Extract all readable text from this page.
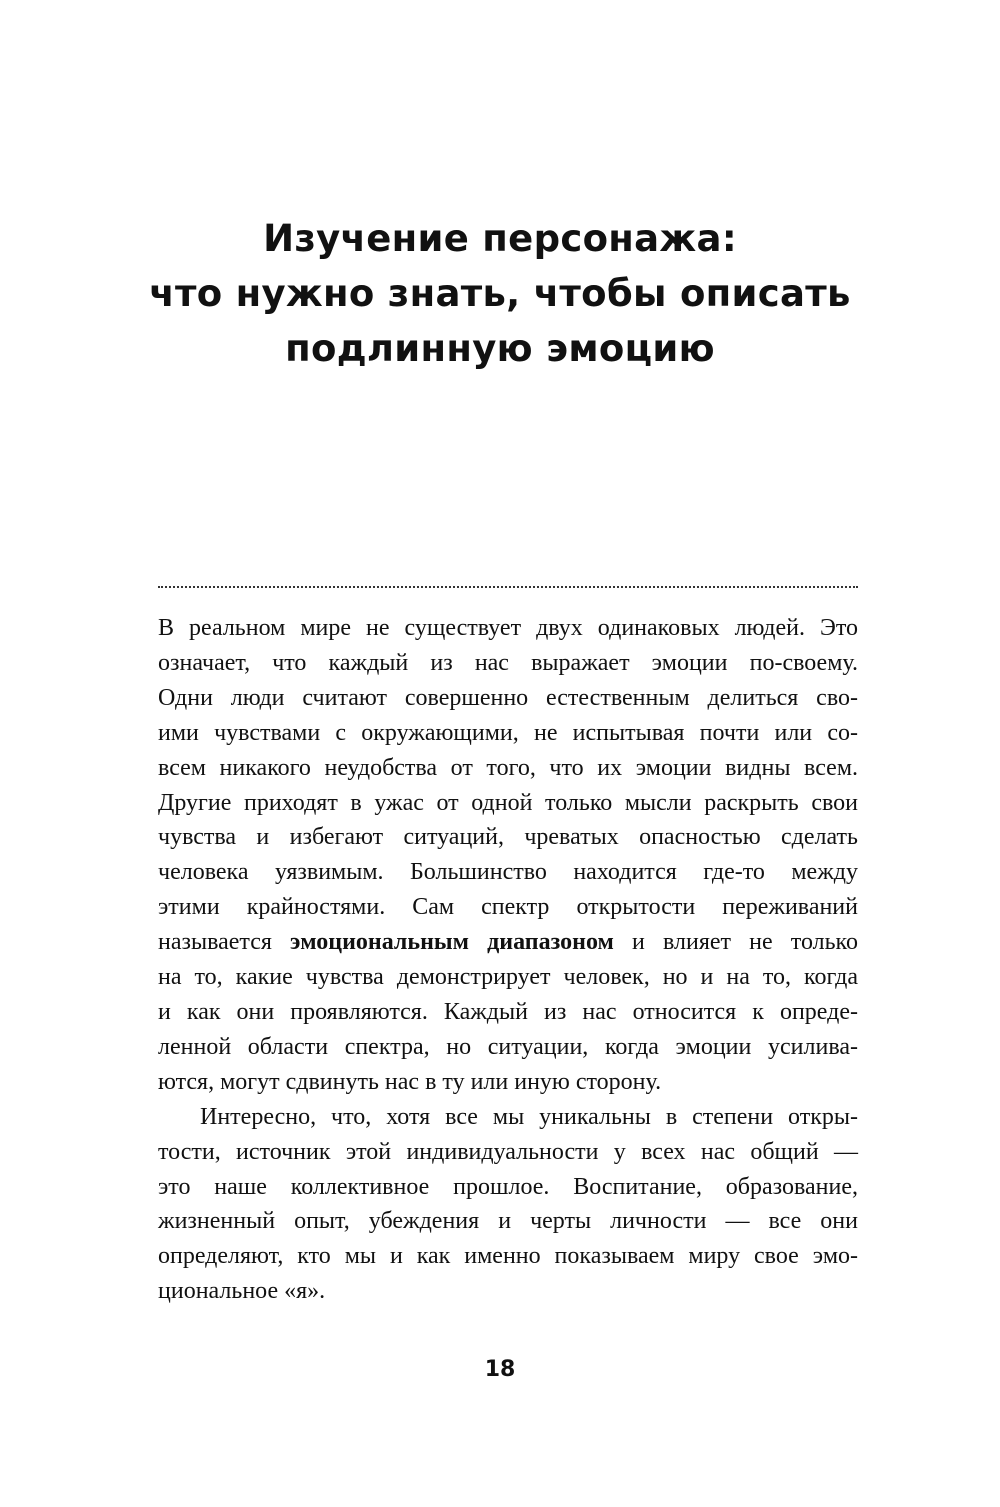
Изучение персонажа:
что нужно знать, чтобы описать
подлинную эмоцию

В реальном мире не существует двух одинаковых людей. Это
означает, что каждый из нас выражает эмоции по-своему.
Одни люди считают совершенно естественным делиться сво-
ими чувствами с окружающими, не испытывая почти или со-
всем никакого неудобства от того, что их эмоции видны всем.
Другие приходят в ужас от одной только мысли раскрыть свои
чувства и избегают ситуаций, чреватых опасностью сделать
человека уязвимым. Большинство находится где-то между
этими крайностями. Сам спектр открытости переживаний
называется эмоциональным диапазоном и влияет не только
на то, какие чувства демонстрирует человек, но и на то, когда
и как они проявляются. Каждый из нас относится к опреде-
ленной области спектра, но ситуации, когда эмоции усилива-
ются, могут сдвинуть нас в ту или иную сторону.

Интересно, что, хотя все мы уникальны в степени откры-
тости, источник этой индивидуальности у всех нас общий —
это наше коллективное прошлое. Воспитание, образование,
жизненный опыт, убеждения и черты личности — все они
определяют, кто мы и как именно показываем миру свое эмо-
циональное «я».

18
